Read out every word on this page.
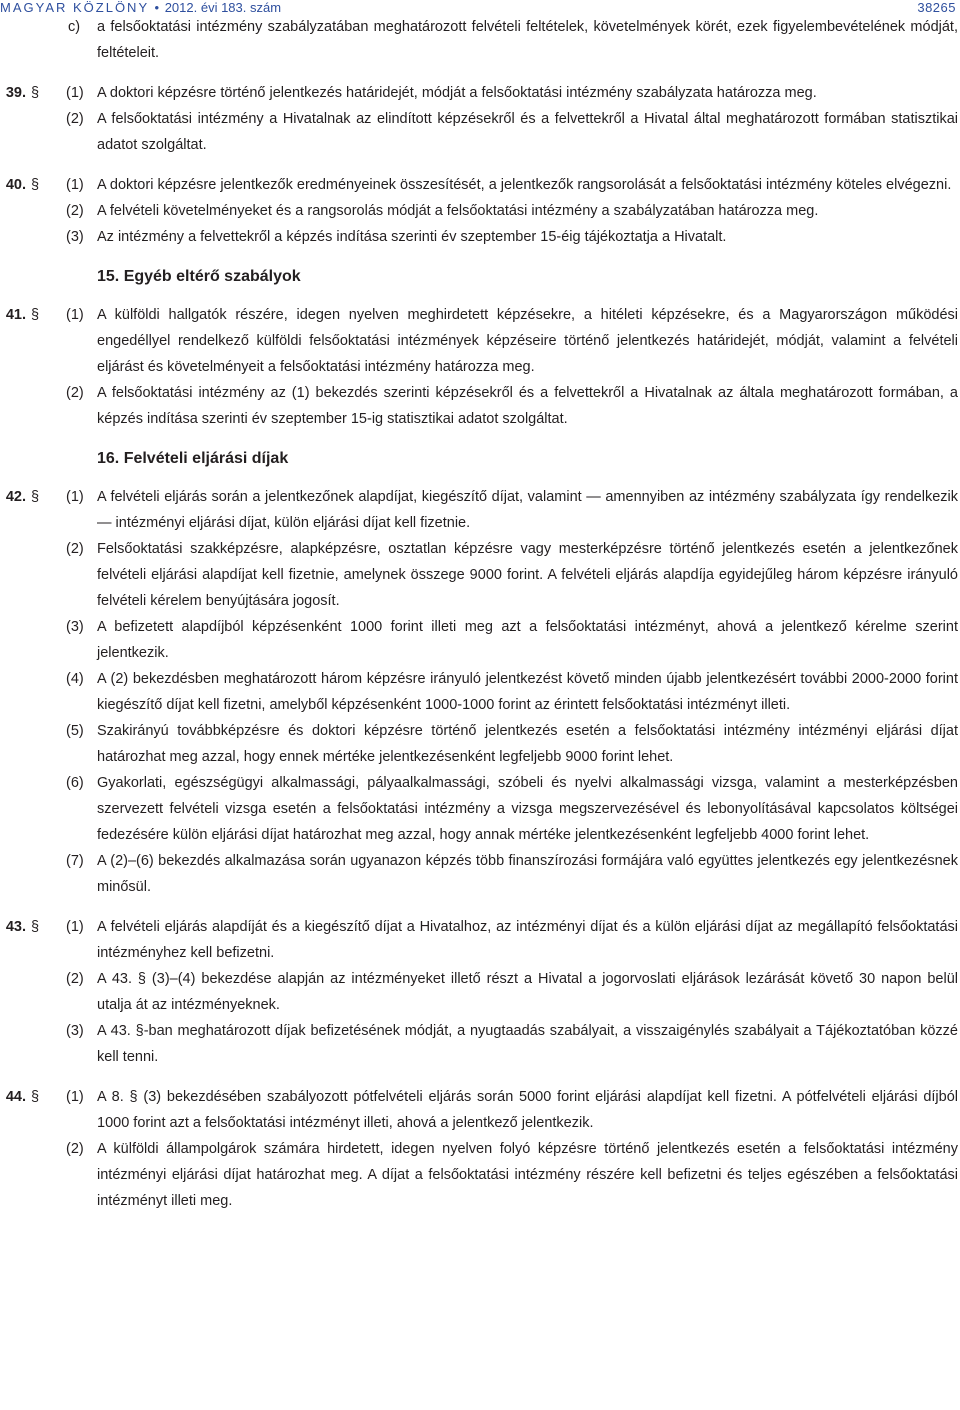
MAGYAR KÖZLÖNY • 2012. évi 183. szám	38265
c) a felsőoktatási intézmény szabályzatában meghatározott felvételi feltételek, követelmények körét, ezek figyelembevételének módját, feltételeit.
39. § (1) A doktori képzésre történő jelentkezés határidejét, módját a felsőoktatási intézmény szabályzata határozza meg.
(2) A felsőoktatási intézmény a Hivatalnak az elindított képzésekről és a felvettekről a Hivatal által meghatározott formában statisztikai adatot szolgáltat.
40. § (1) A doktori képzésre jelentkezők eredményeinek összesítését, a jelentkezők rangsorolását a felsőoktatási intézmény köteles elvégezni.
(2) A felvételi követelményeket és a rangsorolás módját a felsőoktatási intézmény a szabályzatában határozza meg.
(3) Az intézmény a felvettekről a képzés indítása szerinti év szeptember 15-éig tájékoztatja a Hivatalt.
15. Egyéb eltérő szabályok
41. § (1) A külföldi hallgatók részére, idegen nyelven meghirdetett képzésekre, a hitéleti képzésekre, és a Magyarországon működési engedéllyel rendelkező külföldi felsőoktatási intézmények képzéseire történő jelentkezés határidejét, módját, valamint a felvételi eljárást és követelményeit a felsőoktatási intézmény határozza meg.
(2) A felsőoktatási intézmény az (1) bekezdés szerinti képzésekről és a felvettekről a Hivatalnak az általa meghatározott formában, a képzés indítása szerinti év szeptember 15-ig statisztikai adatot szolgáltat.
16. Felvételi eljárási díjak
42. § (1) A felvételi eljárás során a jelentkezőnek alapdíjat, kiegészítő díjat, valamint — amennyiben az intézmény szabályzata így rendelkezik — intézményi eljárási díjat, külön eljárási díjat kell fizetnie.
(2) Felsőoktatási szakképzésre, alapképzésre, osztatlan képzésre vagy mesterképzésre történő jelentkezés esetén a jelentkezőnek felvételi eljárási alapdíjat kell fizetnie, amelynek összege 9000 forint. A felvételi eljárás alapdíja egyidejűleg három képzésre irányuló felvételi kérelem benyújtására jogosít.
(3) A befizetett alapdíjból képzésenként 1000 forint illeti meg azt a felsőoktatási intézményt, ahová a jelentkező kérelme szerint jelentkezik.
(4) A (2) bekezdésben meghatározott három képzésre irányuló jelentkezést követő minden újabb jelentkezésért további 2000-2000 forint kiegészítő díjat kell fizetni, amelyből képzésenként 1000-1000 forint az érintett felsőoktatási intézményt illeti.
(5) Szakirányú továbbképzésre és doktori képzésre történő jelentkezés esetén a felsőoktatási intézmény intézményi eljárási díjat határozhat meg azzal, hogy ennek mértéke jelentkezésenként legfeljebb 9000 forint lehet.
(6) Gyakorlati, egészségügyi alkalmassági, pályaalkalmassági, szóbeli és nyelvi alkalmassági vizsga, valamint a mesterképzésben szervezett felvételi vizsga esetén a felsőoktatási intézmény a vizsga megszervezésével és lebonyolításával kapcsolatos költségei fedezésére külön eljárási díjat határozhat meg azzal, hogy annak mértéke jelentkezésenként legfeljebb 4000 forint lehet.
(7) A (2)–(6) bekezdés alkalmazása során ugyanazon képzés több finanszírozási formájára való együttes jelentkezés egy jelentkezésnek minősül.
43. § (1) A felvételi eljárás alapdíját és a kiegészítő díjat a Hivatalhoz, az intézményi díjat és a külön eljárási díjat az megállapító felsőoktatási intézményhez kell befizetni.
(2) A 43. § (3)–(4) bekezdése alapján az intézményeket illető részt a Hivatal a jogorvoslati eljárások lezárását követő 30 napon belül utalja át az intézményeknek.
(3) A 43. §-ban meghatározott díjak befizetésének módját, a nyugtaadás szabályait, a visszaigénylés szabályait a Tájékoztatóban közzé kell tenni.
44. § (1) A 8. § (3) bekezdésében szabályozott pótfelvételi eljárás során 5000 forint eljárási alapdíjat kell fizetni. A pótfelvételi eljárási díjból 1000 forint azt a felsőoktatási intézményt illeti, ahová a jelentkező jelentkezik.
(2) A külföldi állampolgárok számára hirdetett, idegen nyelven folyó képzésre történő jelentkezés esetén a felsőoktatási intézmény intézményi eljárási díjat határozhat meg. A díjat a felsőoktatási intézmény részére kell befizetni és teljes egészében a felsőoktatási intézményt illeti meg.
